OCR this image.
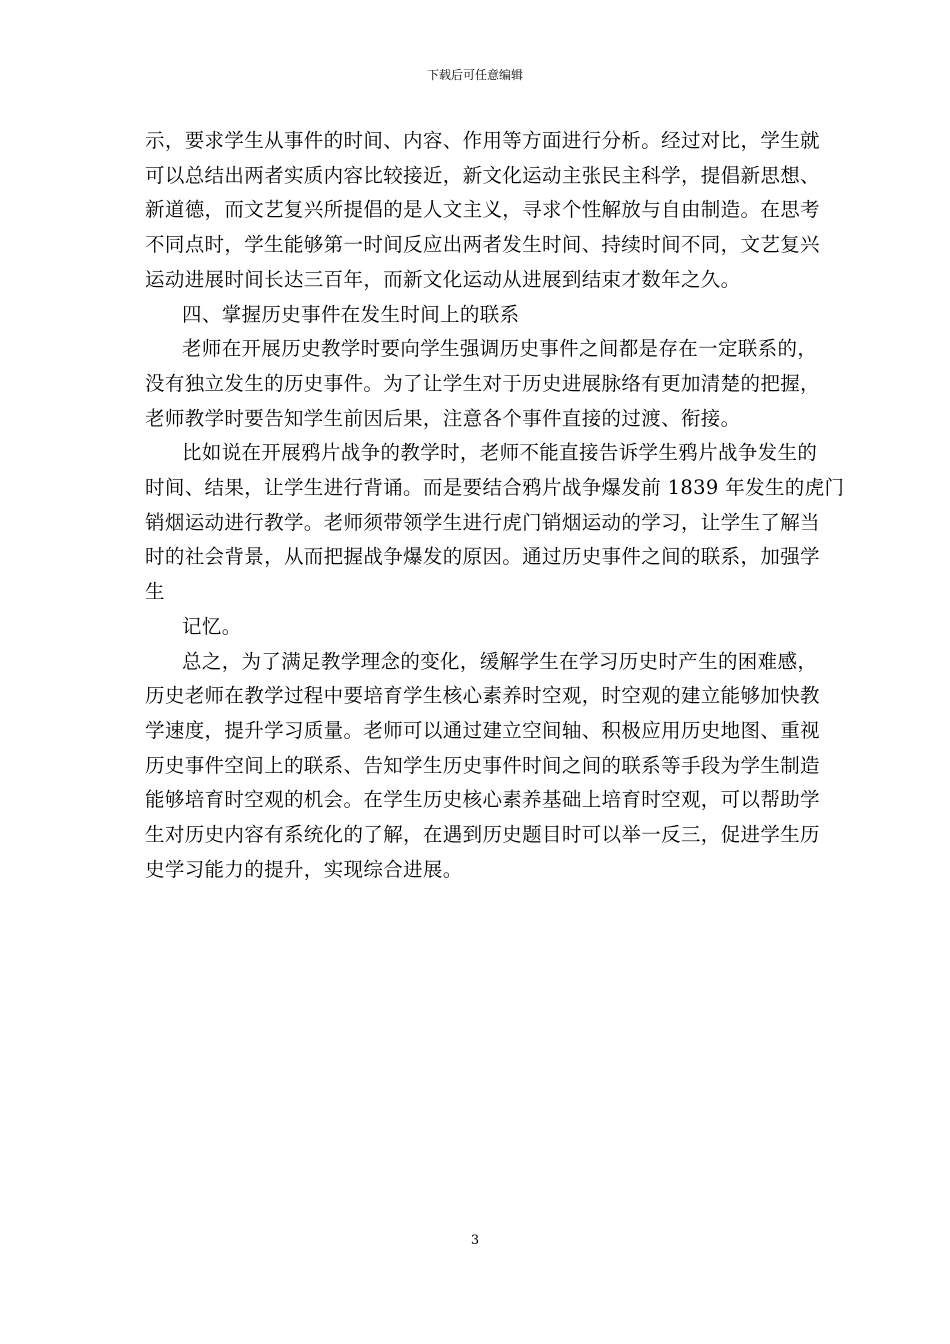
下载后可任意编辑

示，要求学生从事件的时间、内容、作用等方面进行分析。经过对比，学生就

可以总结出两者实质内容比较接近，新文化运动主张民主科学，提倡新思想、

新道德，而文艺复兴所提倡的是人文主义，寻求个性解放与自由制造。在思考

不同点时，学生能够第一时间反应出两者发生时间、持续时间不同，文艺复兴

运动进展时间长达三百年，而新文化运动从进展到结束才数年之久。

四、掌握历史事件在发生时间上的联系

老师在开展历史教学时要向学生强调历史事件之间都是存在一定联系的，

没有独立发生的历史事件。为了让学生对于历史进展脉络有更加清楚的把握，

老师教学时要告知学生前因后果，注意各个事件直接的过渡、衔接。

比如说在开展鸦片战争的教学时，老师不能直接告诉学生鸦片战争发生的

时间、结果，让学生进行背诵。而是要结合鸦片战争爆发前 1839 年发生的虎门

销烟运动进行教学。老师须带领学生进行虎门销烟运动的学习，让学生了解当

时的社会背景，从而把握战争爆发的原因。通过历史事件之间的联系，加强学

生

记忆。

总之，为了满足教学理念的变化，缓解学生在学习历史时产生的困难感，

历史老师在教学过程中要培育学生核心素养时空观，时空观的建立能够加快教

学速度，提升学习质量。老师可以通过建立空间轴、积极应用历史地图、重视

历史事件空间上的联系、告知学生历史事件时间之间的联系等手段为学生制造

能够培育时空观的机会。在学生历史核心素养基础上培育时空观，可以帮助学

生对历史内容有系统化的了解，在遇到历史题目时可以举一反三，促进学生历

史学习能力的提升，实现综合进展。

3
